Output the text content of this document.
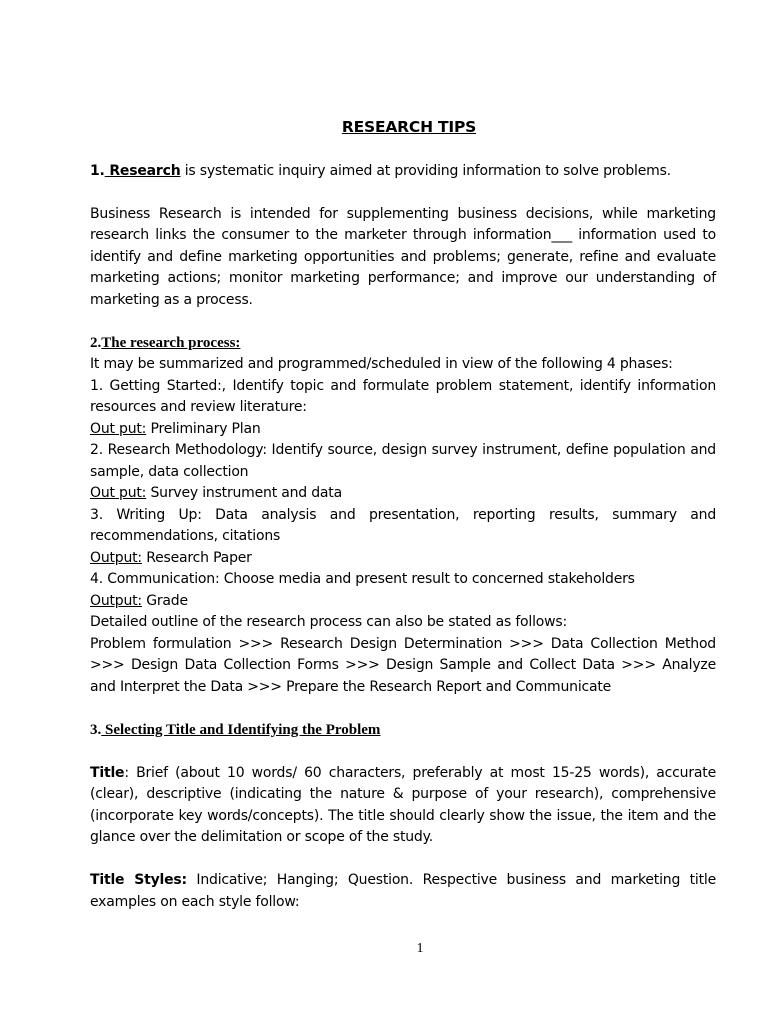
RESEARCH TIPS

1. Research is systematic inquiry aimed at providing information to solve problems.

Business Research is intended for supplementing business decisions, while marketing research links the consumer to the marketer through information___ information used to identify and define marketing opportunities and problems; generate, refine and evaluate marketing actions; monitor marketing performance; and improve our understanding of marketing as a process.

2.The research process:

It may be summarized and programmed/scheduled in view of the following 4 phases:

1. Getting Started:, Identify topic and formulate problem statement, identify information resources and review literature:

Out put: Preliminary Plan

2. Research Methodology: Identify source, design survey instrument, define population and sample, data collection

Out put: Survey instrument and data

3. Writing Up: Data analysis and presentation, reporting results, summary and recommendations, citations

Output: Research Paper

4. Communication: Choose media and present result to concerned stakeholders

Output: Grade

Detailed outline of the research process can also be stated as follows:

Problem formulation >>> Research Design Determination >>> Data Collection Method >>> Design Data Collection Forms >>> Design Sample and Collect Data >>> Analyze and Interpret the Data >>> Prepare the Research Report and Communicate

3. Selecting Title and Identifying the Problem

Title: Brief (about 10 words/ 60 characters, preferably at most 15-25 words), accurate (clear), descriptive (indicating the nature & purpose of your research), comprehensive (incorporate key words/concepts). The title should clearly show the issue, the item and the glance over the delimitation or scope of the study.

Title Styles: Indicative; Hanging; Question. Respective business and marketing title examples on each style follow:

1
